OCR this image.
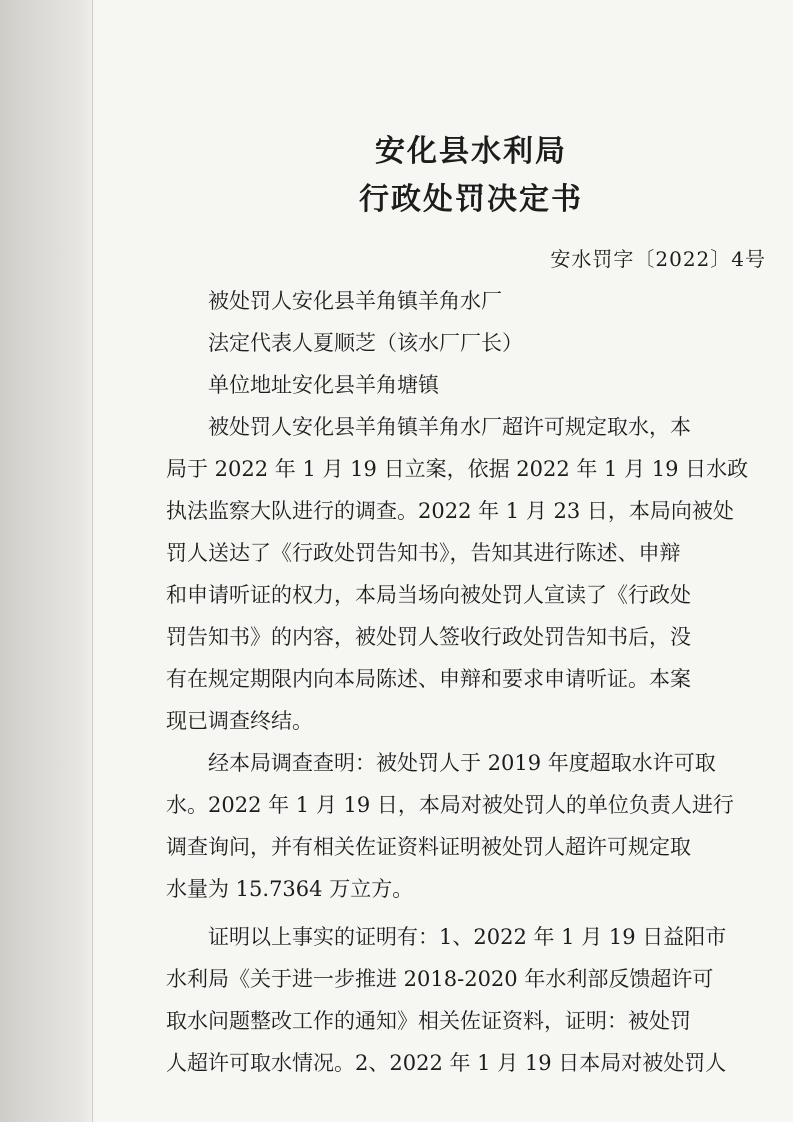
安化县水利局
行政处罚决定书
安水罚字〔2022〕4号
被处罚人安化县羊角镇羊角水厂
法定代表人夏顺芝（该水厂厂长）
单位地址安化县羊角塘镇
被处罚人安化县羊角镇羊角水厂超许可规定取水，本
局于 2022 年 1 月 19 日立案，依据 2022 年 1 月 19 日水政
执法监察大队进行的调查。2022 年 1 月 23 日，本局向被处
罚人送达了《行政处罚告知书》，告知其进行陈述、申辩
和申请听证的权力，本局当场向被处罚人宣读了《行政处
罚告知书》的内容，被处罚人签收行政处罚告知书后，没
有在规定期限内向本局陈述、申辩和要求申请听证。本案
现已调查终结。
经本局调查查明：被处罚人于 2019 年度超取水许可取
水。2022 年 1 月 19 日，本局对被处罚人的单位负责人进行
调查询问，并有相关佐证资料证明被处罚人超许可规定取
水量为 15.7364 万立方。
证明以上事实的证明有：1、2022 年 1 月 19 日益阳市
水利局《关于进一步推进 2018-2020 年水利部反馈超许可
取水问题整改工作的通知》相关佐证资料，证明：被处罚
人超许可取水情况。2、2022 年 1 月 19 日本局对被处罚人
